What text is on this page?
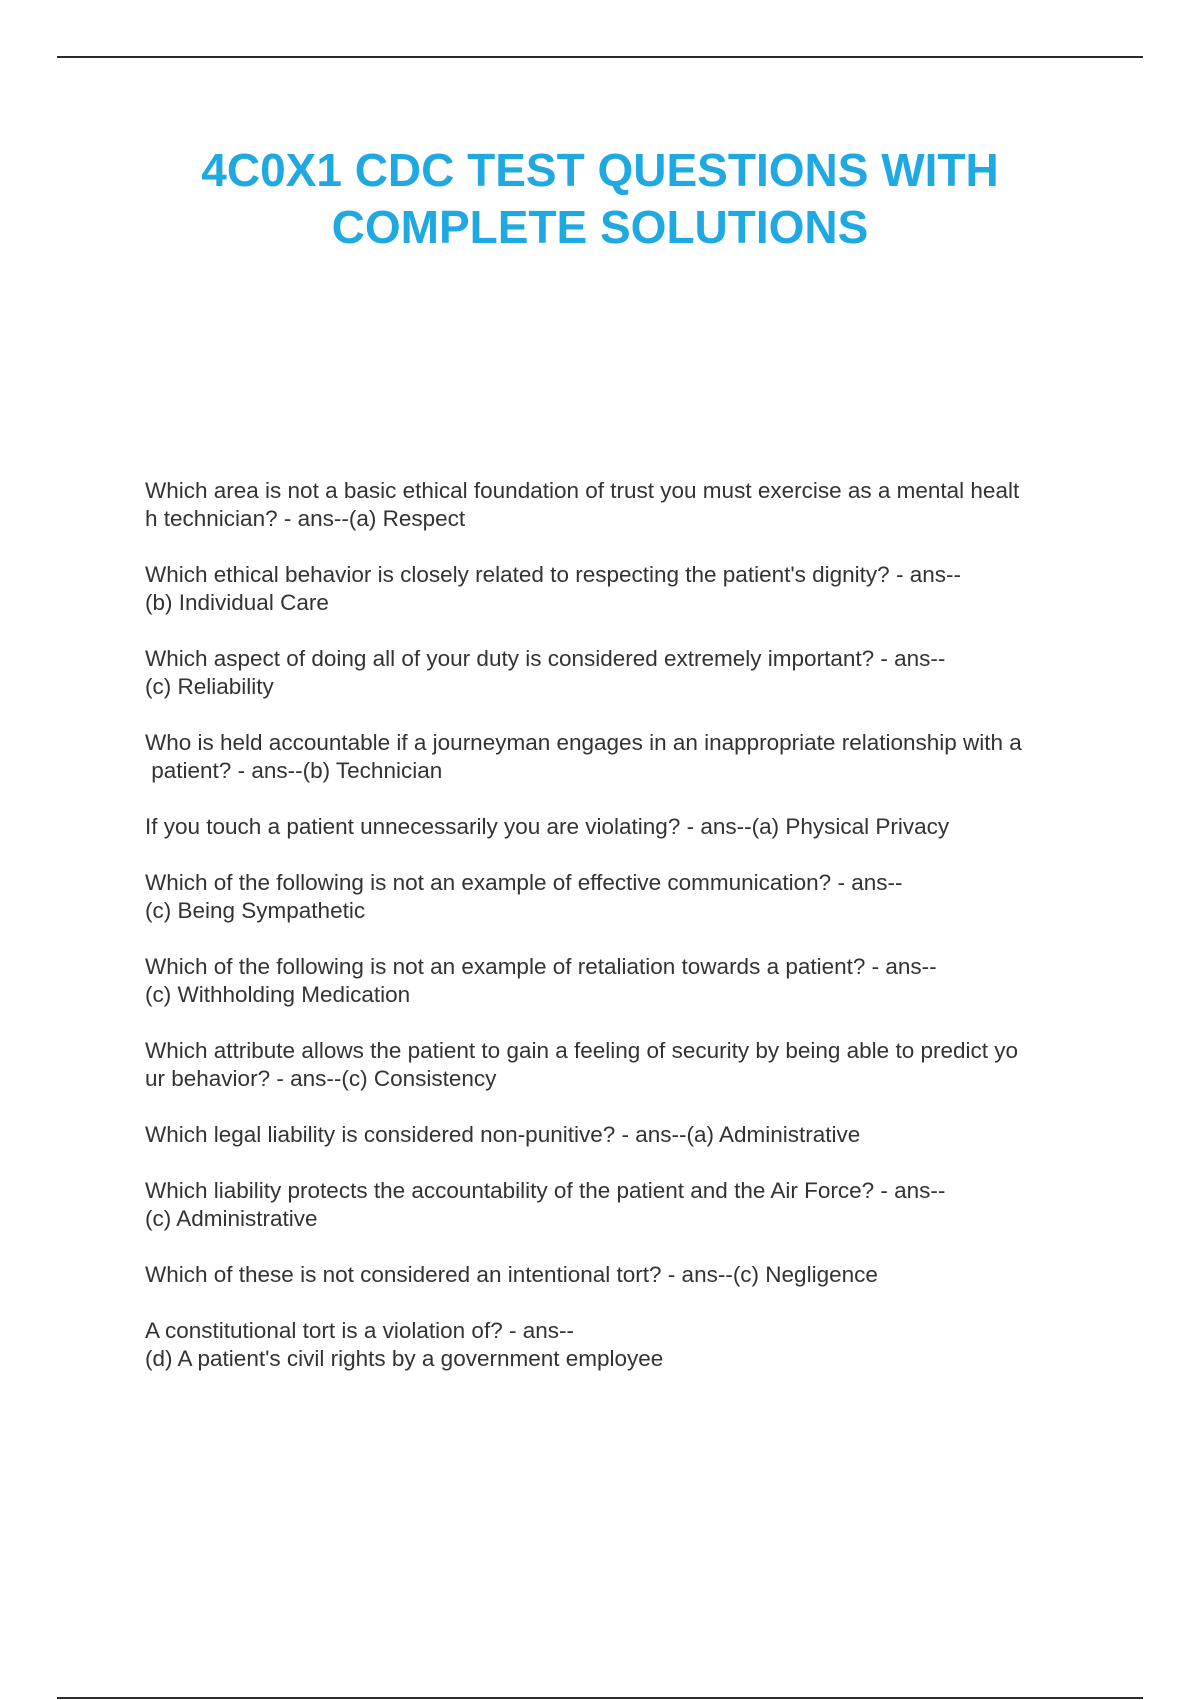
4C0X1 CDC TEST QUESTIONS WITH
COMPLETE SOLUTIONS
Which area is not a basic ethical foundation of trust you must exercise as a mental healt
h technician? - ans--(a) Respect
Which ethical behavior is closely related to respecting the patient's dignity? - ans--
(b) Individual Care
Which aspect of doing all of your duty is considered extremely important? - ans--
(c) Reliability
Who is held accountable if a journeyman engages in an inappropriate relationship with a
patient? - ans--(b) Technician
If you touch a patient unnecessarily you are violating? - ans--(a) Physical Privacy
Which of the following is not an example of effective communication? - ans--
(c) Being Sympathetic
Which of the following is not an example of retaliation towards a patient? - ans--
(c) Withholding Medication
Which attribute allows the patient to gain a feeling of security by being able to predict yo
ur behavior? - ans--(c) Consistency
Which legal liability is considered non-punitive? - ans--(a) Administrative
Which liability protects the accountability of the patient and the Air Force? - ans--
(c) Administrative
Which of these is not considered an intentional tort? - ans--(c) Negligence
A constitutional tort is a violation of? - ans--
(d) A patient's civil rights by a government employee
